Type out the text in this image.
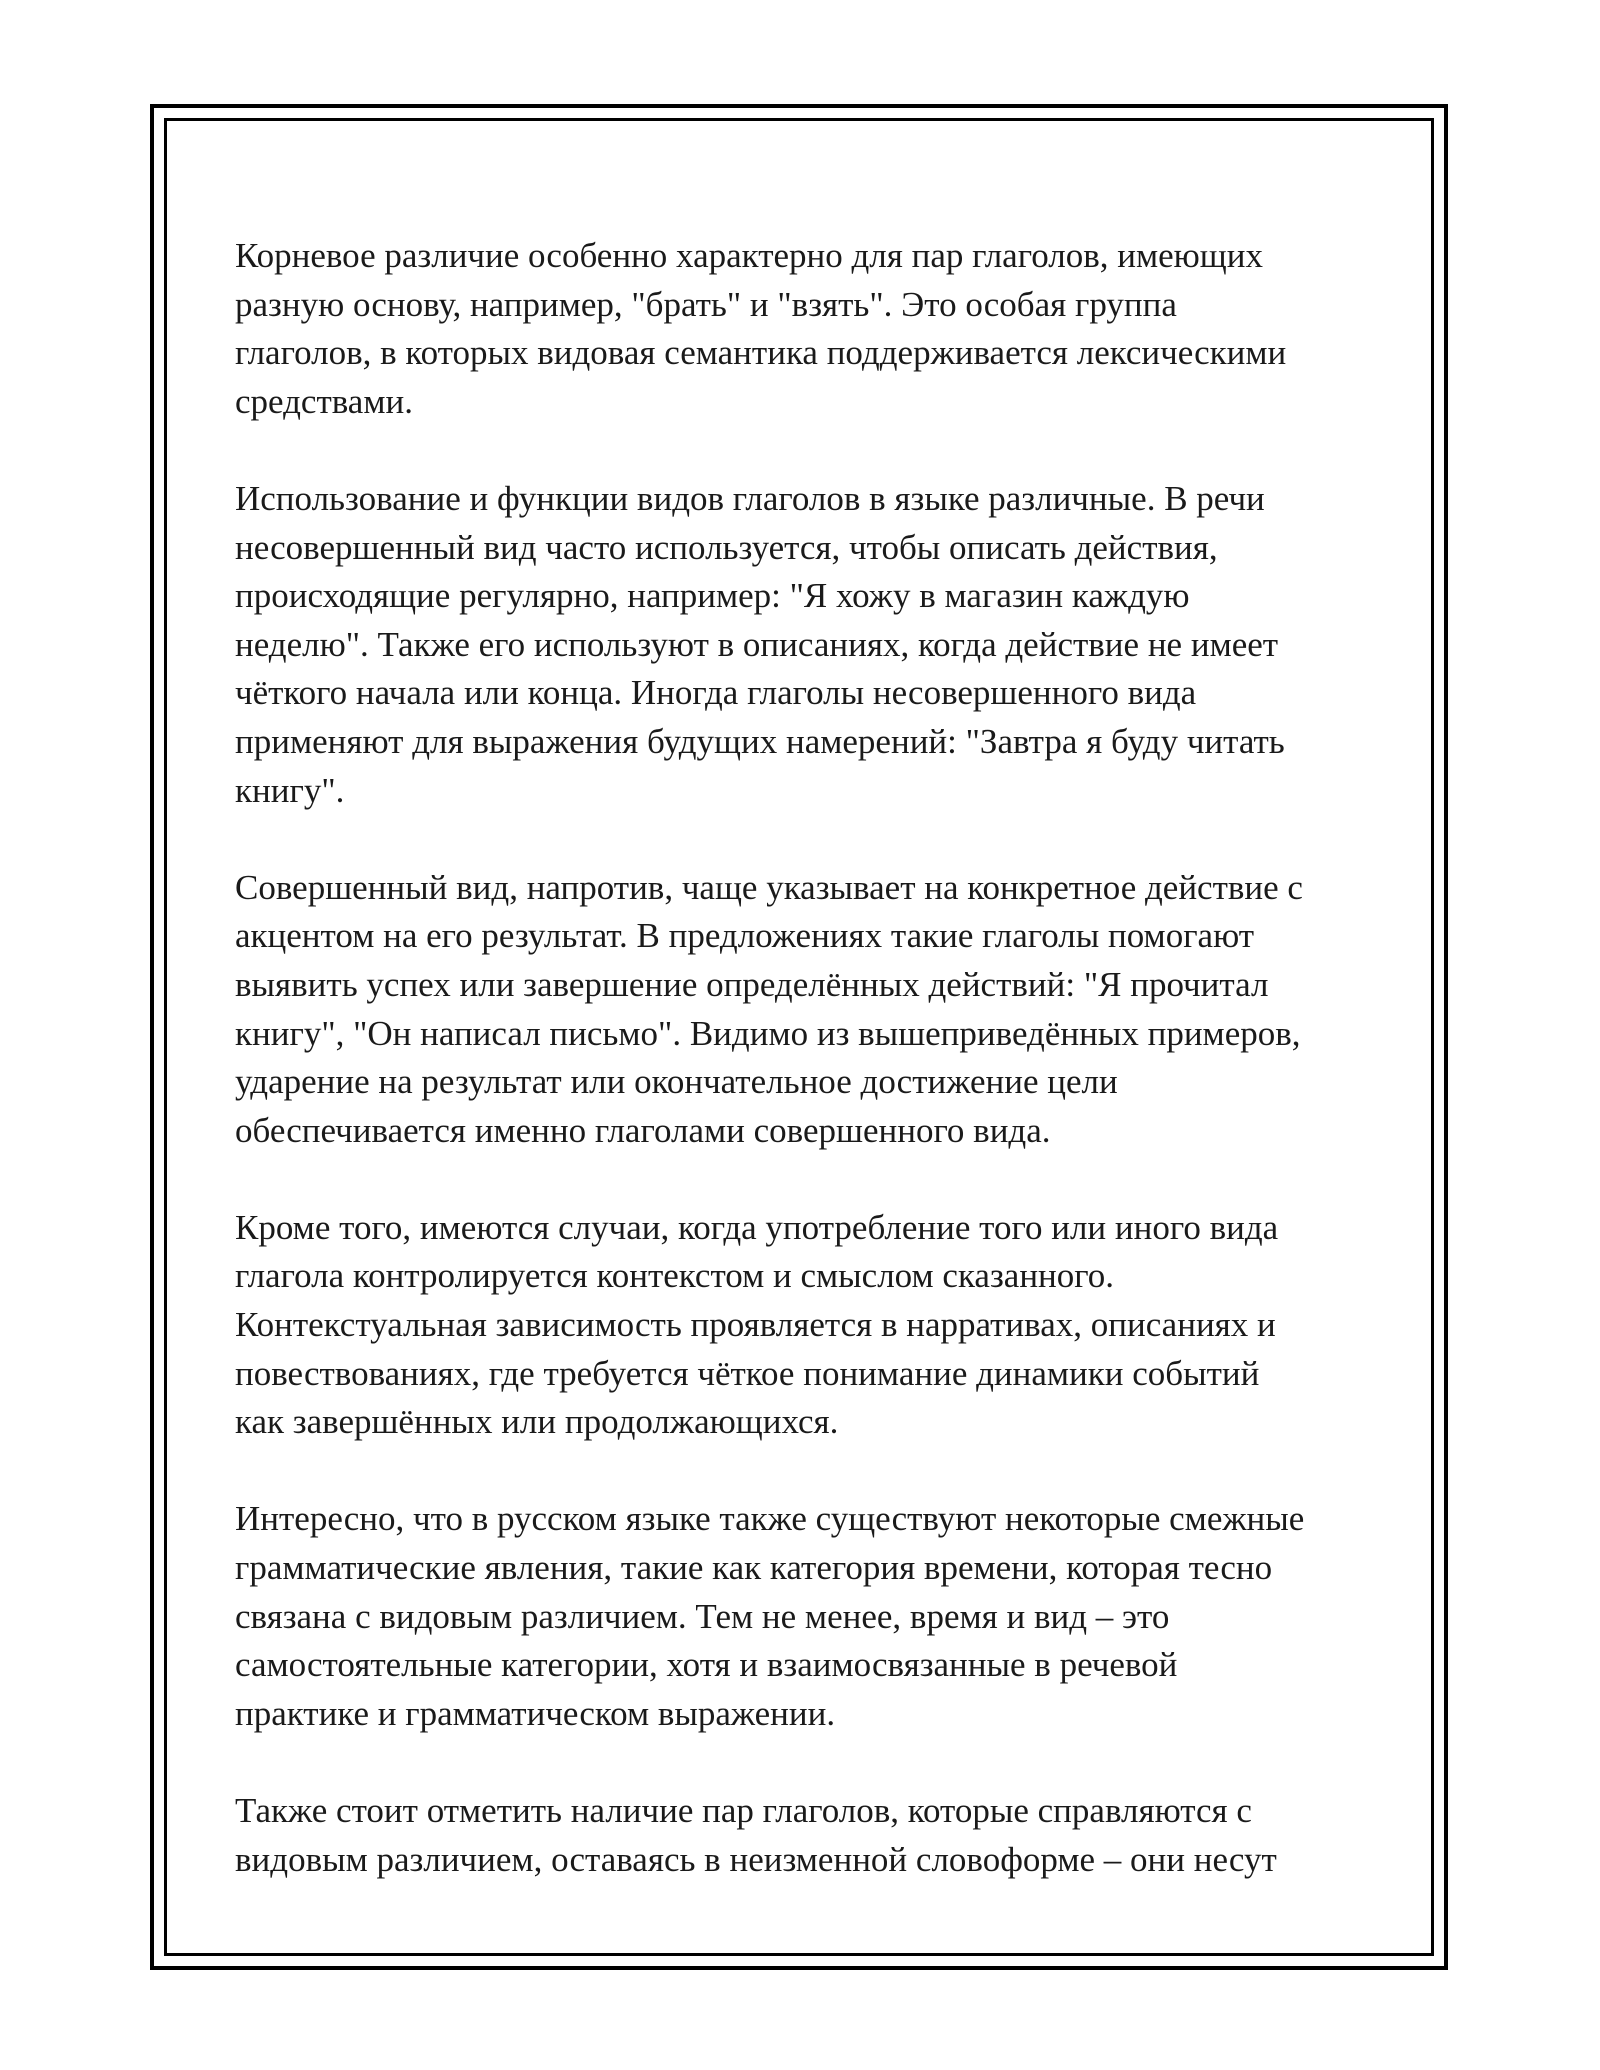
Корневое различие особенно характерно для пар глаголов, имеющих
разную основу, например, "брать" и "взять". Это особая группа
глаголов, в которых видовая семантика поддерживается лексическими
средствами.

Использование и функции видов глаголов в языке различные. В речи
несовершенный вид часто используется, чтобы описать действия,
происходящие регулярно, например: "Я хожу в магазин каждую
неделю". Также его используют в описаниях, когда действие не имеет
чёткого начала или конца. Иногда глаголы несовершенного вида
применяют для выражения будущих намерений: "Завтра я буду читать
книгу".

Совершенный вид, напротив, чаще указывает на конкретное действие с
акцентом на его результат. В предложениях такие глаголы помогают
выявить успех или завершение определённых действий: "Я прочитал
книгу", "Он написал письмо". Видимо из вышеприведённых примеров,
ударение на результат или окончательное достижение цели
обеспечивается именно глаголами совершенного вида.

Кроме того, имеются случаи, когда употребление того или иного вида
глагола контролируется контекстом и смыслом сказанного.
Контекстуальная зависимость проявляется в нарративах, описаниях и
повествованиях, где требуется чёткое понимание динамики событий
как завершённых или продолжающихся.

Интересно, что в русском языке также существуют некоторые смежные
грамматические явления, такие как категория времени, которая тесно
связана с видовым различием. Тем не менее, время и вид – это
самостоятельные категории, хотя и взаимосвязанные в речевой
практике и грамматическом выражении.

Также стоит отметить наличие пар глаголов, которые справляются с
видовым различием, оставаясь в неизменной словоформе – они несут
